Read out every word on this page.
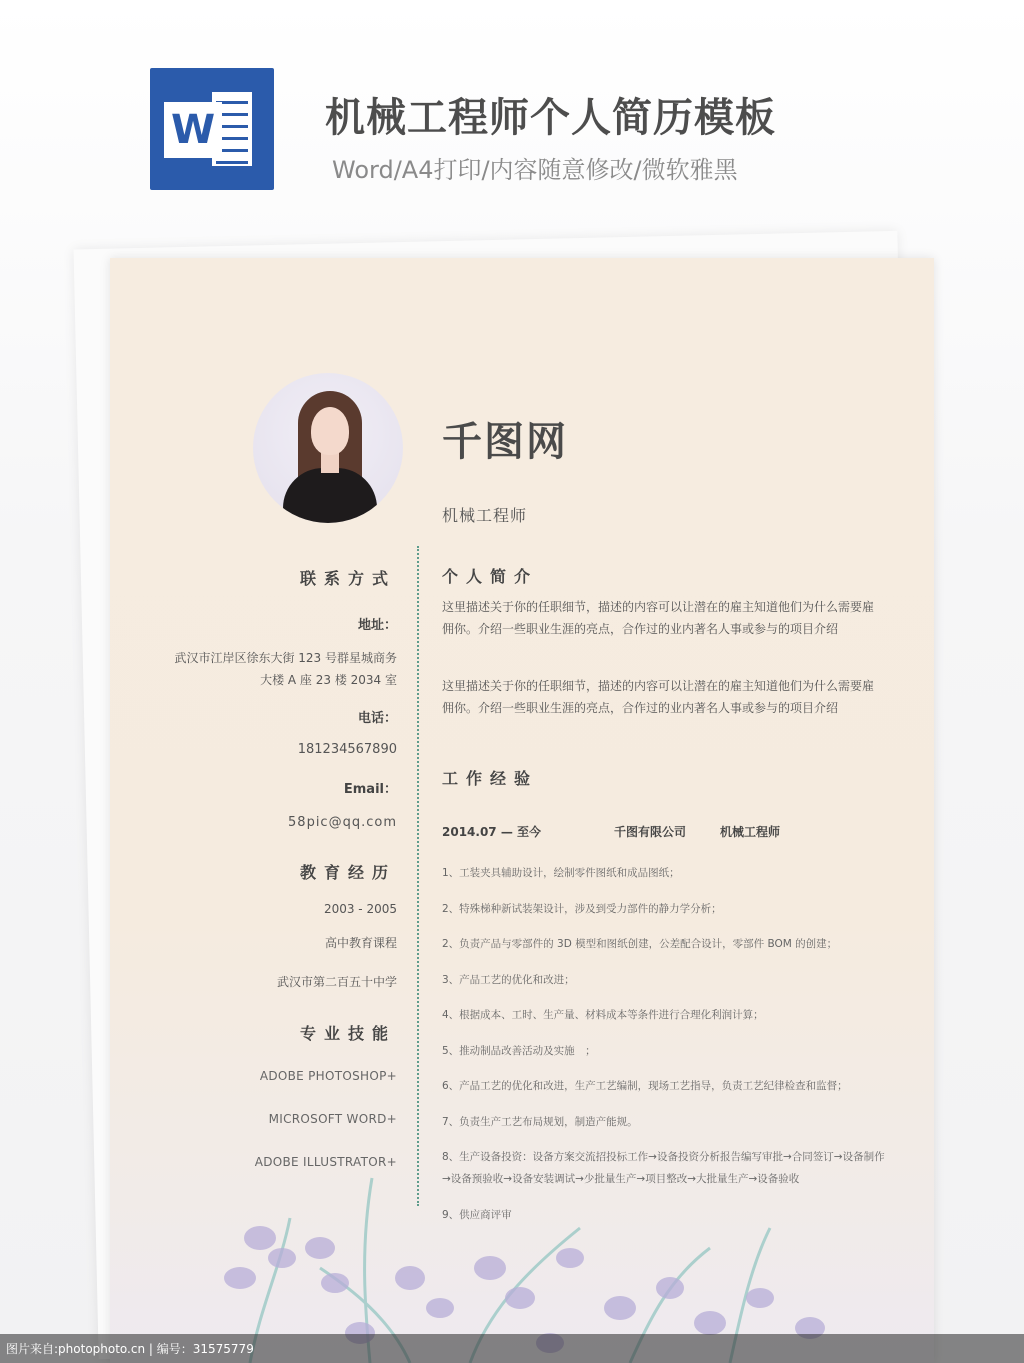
W	机械工程师个人简历模板
Word/A4打印/内容随意修改/微软雅黑
千图网
机械工程师
联系方式
地址：
武汉市江岸区徐东大街 123 号群星城商务
大楼 A 座 23 楼 2034 室
电话：
181234567890
Email：
58pic@qq.com
教育经历
2003 - 2005
高中教育课程
武汉市第二百五十中学
专业技能
ADOBE PHOTOSHOP+
MICROSOFT WORD+
ADOBE ILLUSTRATOR+
个人简介
这里描述关于你的任职细节，描述的内容可以让潜在的雇主知道他们为什么需要雇佣你。介绍一些职业生涯的亮点，合作过的业内著名人事或参与的项目介绍
这里描述关于你的任职细节，描述的内容可以让潜在的雇主知道他们为什么需要雇佣你。介绍一些职业生涯的亮点，合作过的业内著名人事或参与的项目介绍
工作经验
2014.07 — 至今	千图有限公司	机械工程师
1、工装夹具辅助设计，绘制零件图纸和成品图纸；
2、特殊梯种新试装架设计，涉及到受力部件的静力学分析；
2、负责产品与零部件的 3D 模型和图纸创建，公差配合设计，零部件 BOM 的创建；
3、产品工艺的优化和改进；
4、根据成本、工时、生产量、材料成本等条件进行合理化利润计算；
5、推动制品改善活动及实施　；
6、产品工艺的优化和改进，生产工艺编制，现场工艺指导，负责工艺纪律检查和监督；
7、负责生产工艺布局规划，制造产能规。
8、生产设备投资：设备方案交流招投标工作→设备投资分析报告编写审批→合同签订→设备制作→设备预验收→设备安装调试→少批量生产→项目整改→大批量生产→设备验收
9、供应商评审
图片来自:photophoto.cn | 编号：31575779
